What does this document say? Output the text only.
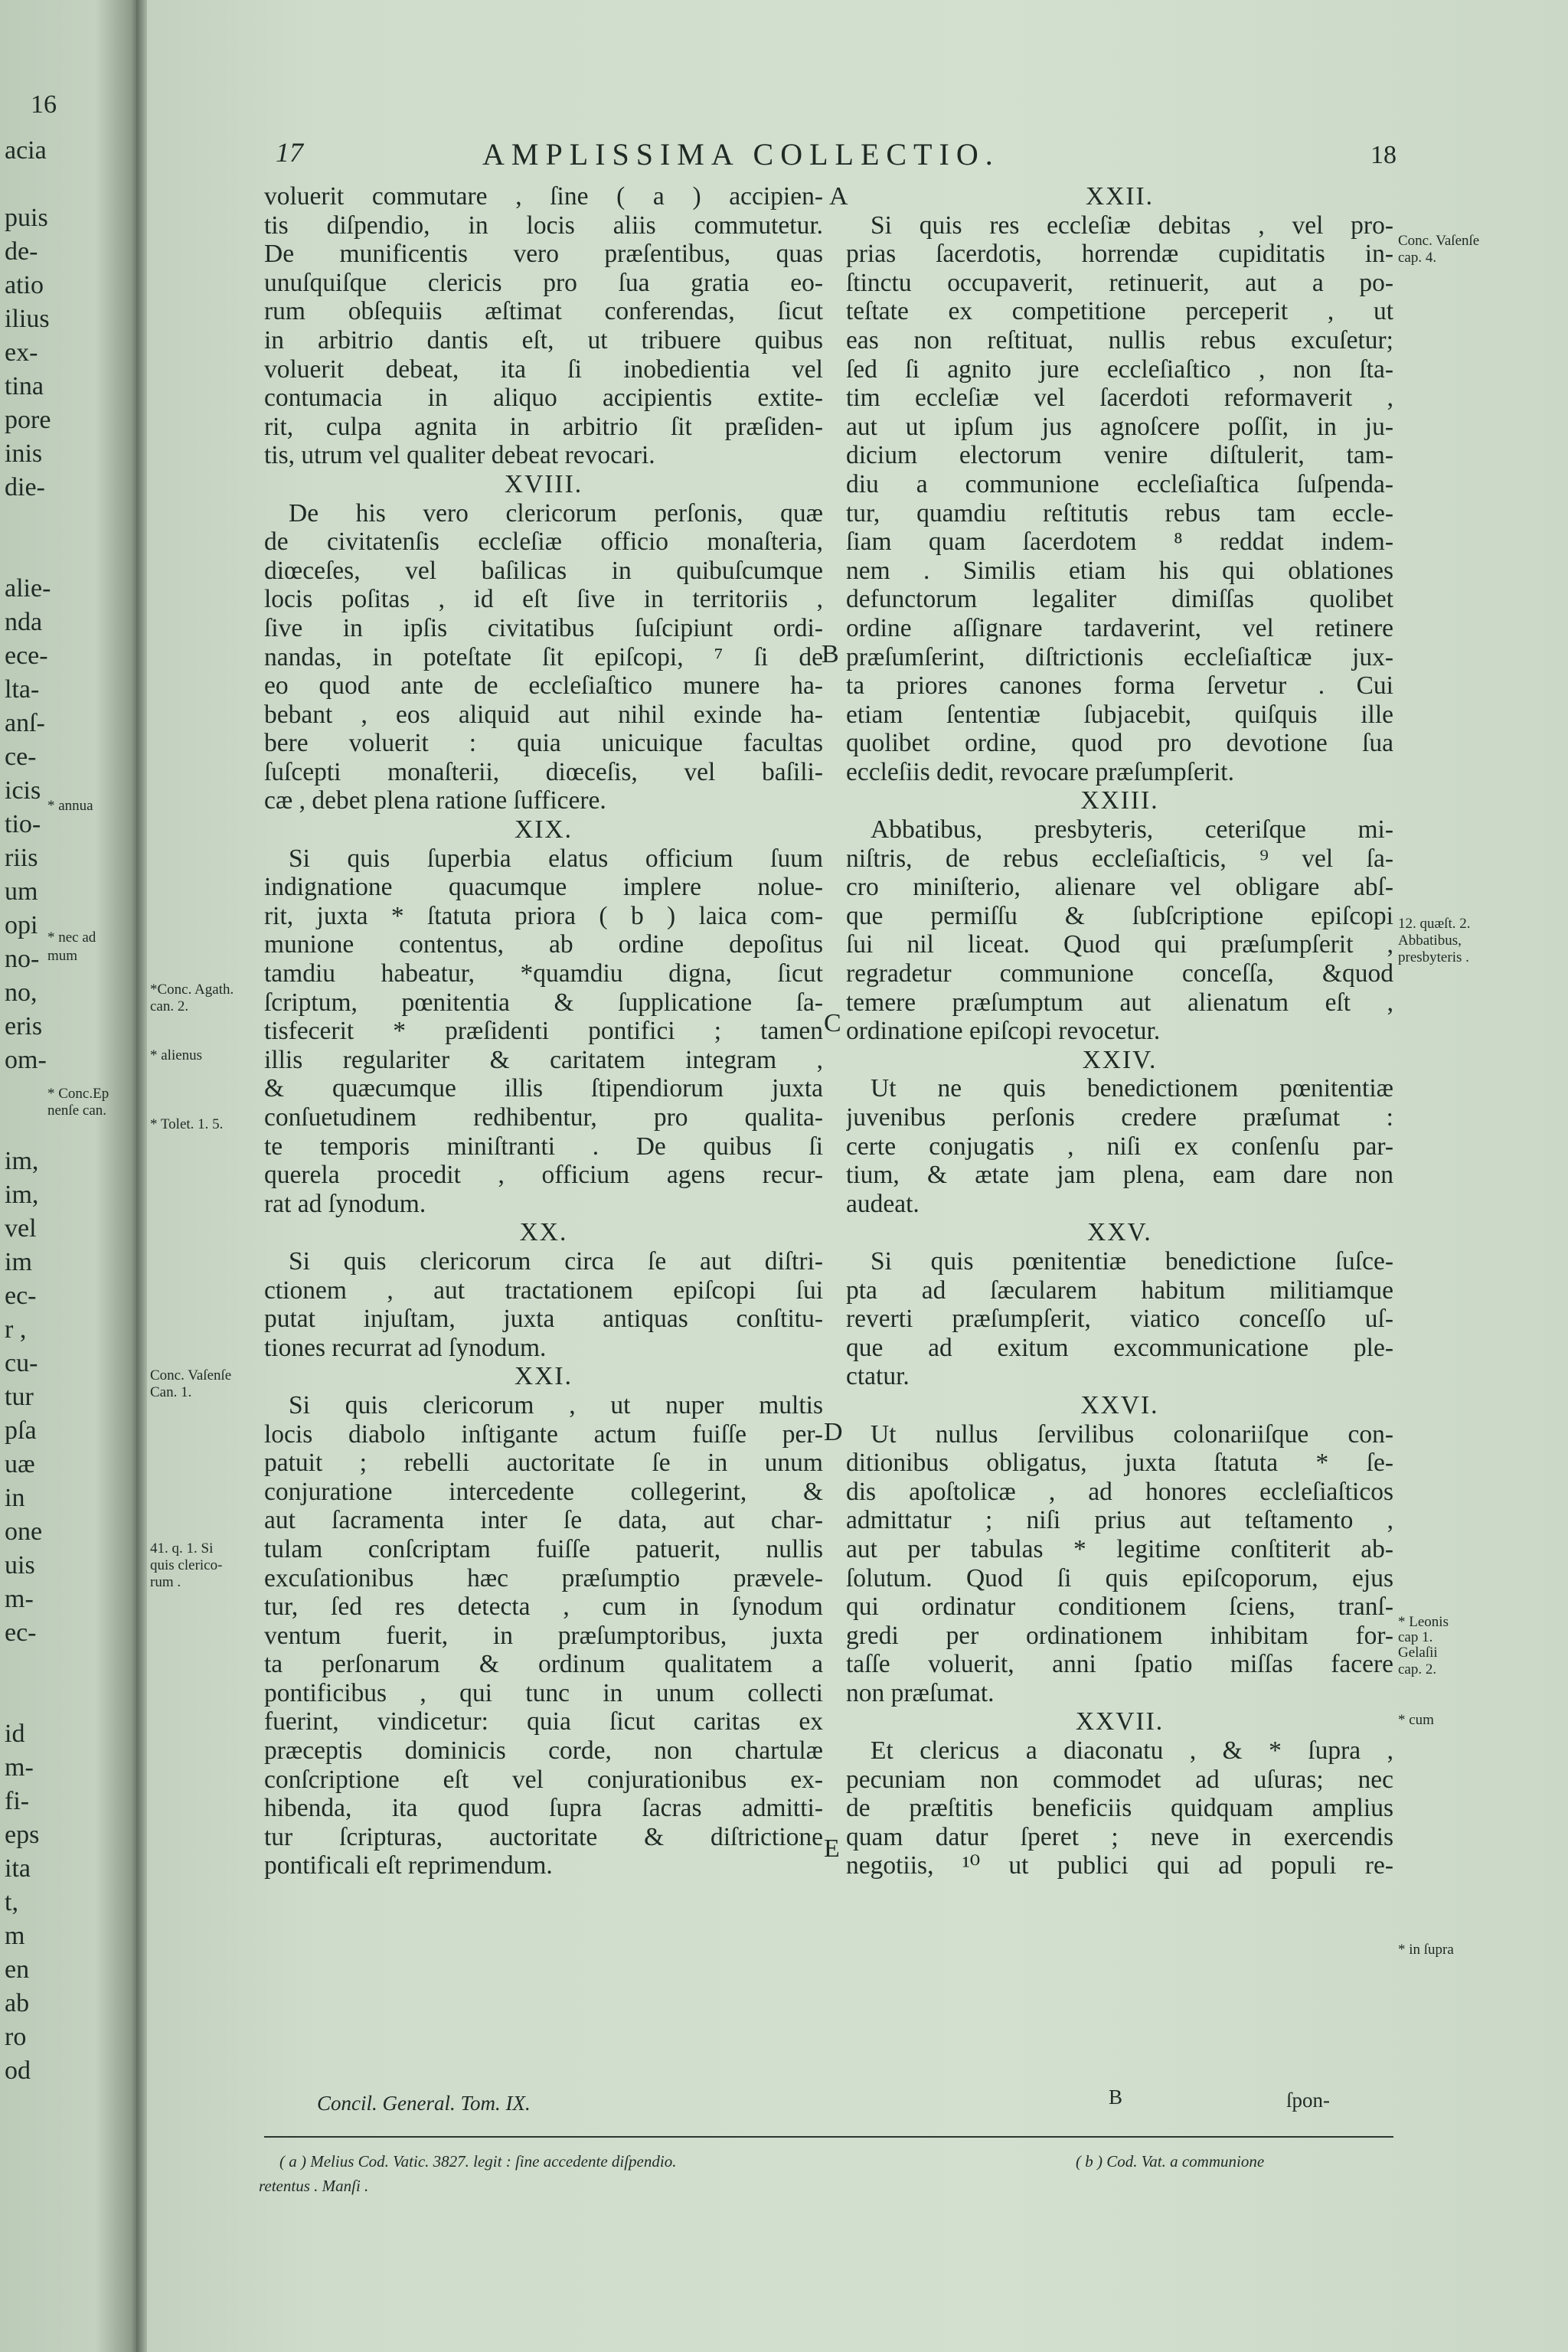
16
acia
puis
de-
atio
ilius
ex-
tina
pore
inis
die-
alie-
nda
ece-
lta-
anſ-
ce-
icis
tio-
riis
um
opi
no-
no,
eris
om-
im,
im,
vel
im
ec-
r ,
cu-
tur
pſa
uæ
in
one
uis
m-
ec-
id
m-
fi-
eps
ita
t,
m
en
ab
ro
od
* annua
* nec ad
mum
* Conc.Ep
nenſe can.
17	AMPLISSIMA COLLECTIO.	18
voluerit commutare , ſine ( a ) accipien-
tis diſpendio, in locis aliis commutetur.
De munificentis vero præſentibus, quas
unuſquiſque clericis pro ſua gratia eo-
rum obſequiis æſtimat conferendas, ſicut
in arbitrio dantis eſt, ut tribuere quibus
voluerit debeat, ita ſi inobedientia vel
contumacia in aliquo accipientis extite-
rit, culpa agnita in arbitrio ſit præſiden-
tis, utrum vel qualiter debeat revocari.
XVIII.
De his vero clericorum perſonis, quæ
de civitatenſis eccleſiæ officio monaſteria,
diœceſes, vel baſilicas in quibuſcumque
locis poſitas , id eſt ſive in territoriis ,
ſive in ipſis civitatibus ſuſcipiunt ordi-
nandas, in poteſtate ſit epiſcopi, ⁷ ſi de
eo quod ante de eccleſiaſtico munere ha-
bebant , eos aliquid aut nihil exinde ha-
bere voluerit : quia unicuique facultas
ſuſcepti monaſterii, diœceſis, vel baſili-
cæ , debet plena ratione ſufficere.
XIX.
Si quis ſuperbia elatus officium ſuum
indignatione quacumque implere nolue-
rit, juxta * ſtatuta priora ( b ) laica com-
munione contentus, ab ordine depoſitus
tamdiu habeatur, *quamdiu digna, ſicut
ſcriptum, pœnitentia & ſupplicatione ſa-
tisfecerit * præſidenti pontifici ; tamen
illis regulariter & caritatem integram ,
& quæcumque illis ſtipendiorum juxta
conſuetudinem redhibentur, pro qualita-
te temporis miniſtranti . De quibus ſi
querela procedit , officium agens recur-
rat ad ſynodum.
XX.
Si quis clericorum circa ſe aut diſtri-
ctionem , aut tractationem epiſcopi ſui
putat injuſtam, juxta antiquas conſtitu-
tiones recurrat ad ſynodum.
XXI.
Si quis clericorum , ut nuper multis
locis diabolo inſtigante actum fuiſſe per-
patuit ; rebelli auctoritate ſe in unum
conjuratione intercedente collegerint, &
aut ſacramenta inter ſe data, aut char-
tulam conſcriptam fuiſſe patuerit, nullis
excuſationibus hæc præſumptio prævele-
tur, ſed res detecta , cum in ſynodum
ventum fuerit, in præſumptoribus, juxta
ta perſonarum & ordinum qualitatem a
pontificibus , qui tunc in unum collecti
fuerint, vindicetur: quia ſicut caritas ex
præceptis dominicis corde, non chartulæ
conſcriptione eſt vel conjurationibus ex-
hibenda, ita quod ſupra ſacras admitti-
tur ſcripturas, auctoritate & diſtrictione
pontificali eſt reprimendum.
XXII.
Si quis res eccleſiæ debitas , vel pro-
prias ſacerdotis, horrendæ cupiditatis in-
ſtinctu occupaverit, retinuerit, aut a po-
teſtate ex competitione perceperit , ut
eas non reſtituat, nullis rebus excuſetur;
ſed ſi agnito jure eccleſiaſtico , non ſta-
tim eccleſiæ vel ſacerdoti reformaverit ,
aut ut ipſum jus agnoſcere poſſit, in ju-
dicium electorum venire diſtulerit, tam-
diu a communione eccleſiaſtica ſuſpenda-
tur, quamdiu reſtitutis rebus tam eccle-
ſiam quam ſacerdotem ⁸ reddat indem-
nem . Similis etiam his qui oblationes
defunctorum legaliter dimiſſas quolibet
ordine aſſignare tardaverint, vel retinere
præſumſerint, diſtrictionis eccleſiaſticæ jux-
ta priores canones forma ſervetur . Cui
etiam ſententiæ ſubjacebit, quiſquis ille
quolibet ordine, quod pro devotione ſua
eccleſiis dedit, revocare præſumpſerit.
XXIII.
Abbatibus, presbyteris, ceteriſque mi-
niſtris, de rebus eccleſiaſticis, ⁹ vel ſa-
cro miniſterio, alienare vel obligare abſ-
que permiſſu & ſubſcriptione epiſcopi
ſui nil liceat. Quod qui præſumpſerit ,
regradetur communione conceſſa, &quod
temere præſumptum aut alienatum eſt ,
ordinatione epiſcopi revocetur.
XXIV.
Ut ne quis benedictionem pœnitentiæ
juvenibus perſonis credere præſumat :
certe conjugatis , niſi ex conſenſu par-
tium, & ætate jam plena, eam dare non
audeat.
XXV.
Si quis pœnitentiæ benedictione ſuſce-
pta ad ſæcularem habitum militiamque
reverti præſumpſerit, viatico conceſſo uſ-
que ad exitum excommunicatione ple-
ctatur.
XXVI.
Ut nullus ſervilibus colonariiſque con-
ditionibus obligatus, juxta ſtatuta * ſe-
dis apoſtolicæ , ad honores eccleſiaſticos
admittatur ; niſi prius aut teſtamento ,
aut per tabulas * legitime conſtiterit ab-
ſolutum. Quod ſi quis epiſcoporum, ejus
qui ordinatur conditionem ſciens, tranſ-
gredi per ordinationem inhibitam for-
taſſe voluerit, anni ſpatio miſſas facere
non præſumat.
XXVII.
Et clericus a diaconatu , & * ſupra ,
pecuniam non commodet ad uſuras; nec
de præſtitis beneficiis quidquam amplius
quam datur ſperet ; neve in exercendis
negotiis, ¹⁰ ut publici qui ad populi re-
*Conc. Agath.
can. 2.
* alienus
* Tolet. 1. 5.
Conc. Vaſenſe
Can. 1.
41. q. 1. Si
quis clerico-
rum .
Conc. Vaſenſe
cap. 4.
12. quæſt. 2.
Abbatibus,
presbyteris .
* Leonis
cap 1.
Gelaſii
cap. 2.
* cum
* in ſupra
A
B
C
D
E
Concil. General. Tom. IX.	B	ſpon-
( a ) Melius Cod. Vatic. 3827. legit : ſine accedente diſpendio.
retentus . Manſi .
( b ) Cod. Vat. a communione
